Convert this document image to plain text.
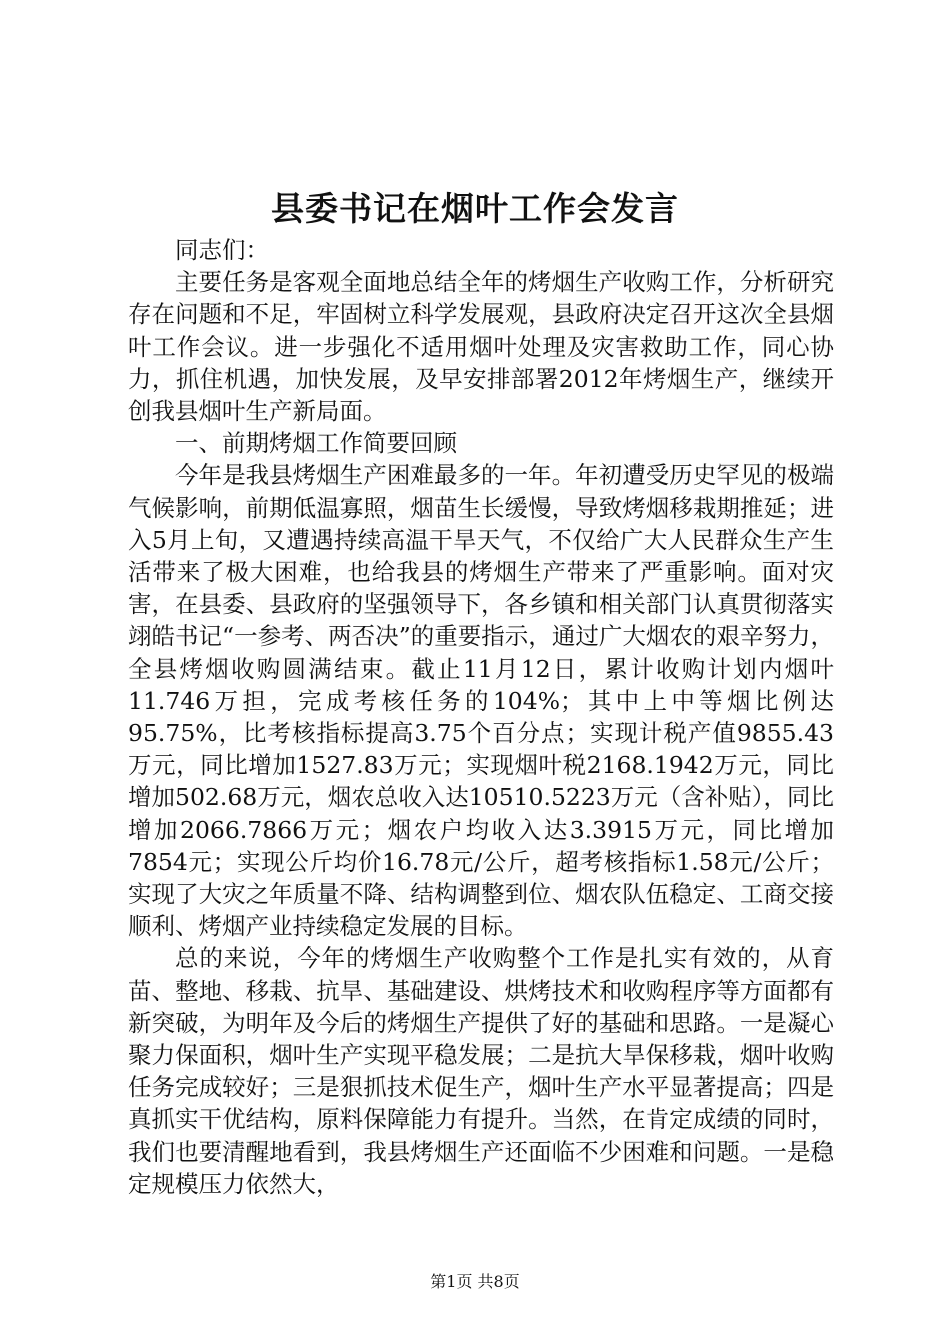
县委书记在烟叶工作会发言

同志们：

主要任务是客观全面地总结全年的烤烟生产收购工作，分析研究存在问题和不足，牢固树立科学发展观，县政府决定召开这次全县烟叶工作会议。进一步强化不适用烟叶处理及灾害救助工作，同心协力，抓住机遇，加快发展，及早安排部署2012年烤烟生产，继续开创我县烟叶生产新局面。

一、前期烤烟工作简要回顾

今年是我县烤烟生产困难最多的一年。年初遭受历史罕见的极端气候影响，前期低温寡照，烟苗生长缓慢，导致烤烟移栽期推延；进入5月上旬，又遭遇持续高温干旱天气，不仅给广大人民群众生产生活带来了极大困难，也给我县的烤烟生产带来了严重影响。面对灾害，在县委、县政府的坚强领导下，各乡镇和相关部门认真贯彻落实翊皓书记“一参考、两否决”的重要指示，通过广大烟农的艰辛努力，全县烤烟收购圆满结束。截止11月12日，累计收购计划内烟叶11.746万担，完成考核任务的104%；其中上中等烟比例达95.75%，比考核指标提高3.75个百分点；实现计税产值9855.43万元，同比增加1527.83万元；实现烟叶税2168.1942万元，同比增加502.68万元，烟农总收入达10510.5223万元（含补贴），同比增加2066.7866万元；烟农户均收入达3.3915万元，同比增加7854元；实现公斤均价16.78元/公斤，超考核指标1.58元/公斤；实现了大灾之年质量不降、结构调整到位、烟农队伍稳定、工商交接顺利、烤烟产业持续稳定发展的目标。

总的来说，今年的烤烟生产收购整个工作是扎实有效的，从育苗、整地、移栽、抗旱、基础建设、烘烤技术和收购程序等方面都有新突破，为明年及今后的烤烟生产提供了好的基础和思路。一是凝心聚力保面积，烟叶生产实现平稳发展；二是抗大旱保移栽，烟叶收购任务完成较好；三是狠抓技术促生产，烟叶生产水平显著提高；四是真抓实干优结构，原料保障能力有提升。当然，在肯定成绩的同时，我们也要清醒地看到，我县烤烟生产还面临不少困难和问题。一是稳定规模压力依然大，

第1页 共8页
